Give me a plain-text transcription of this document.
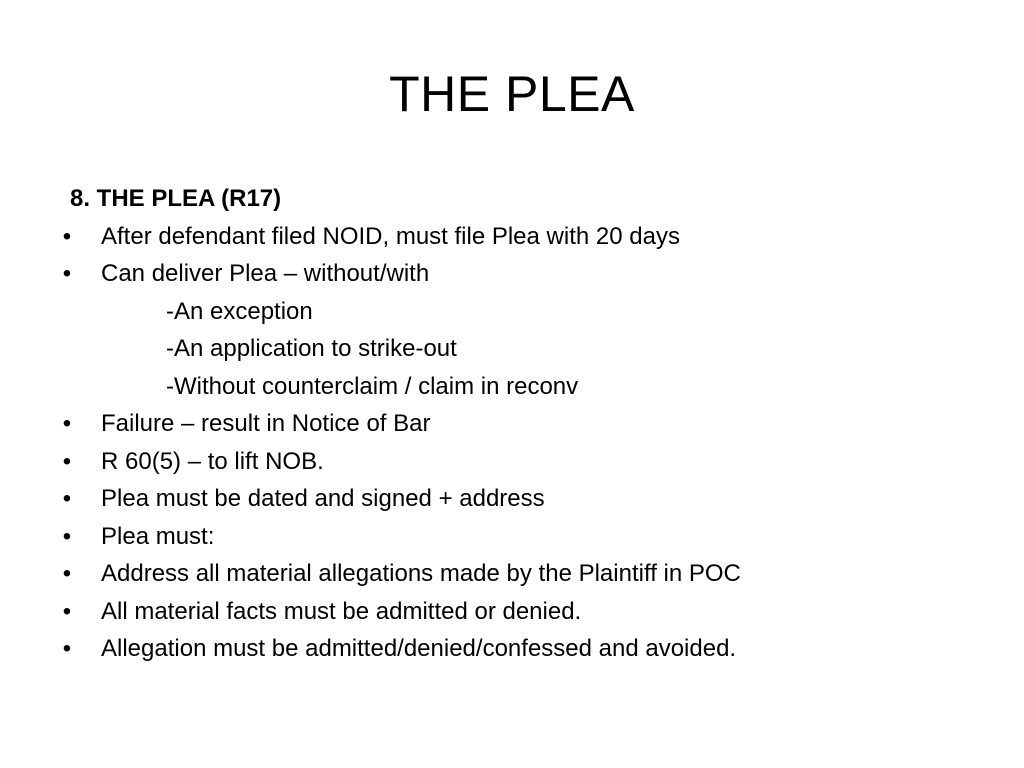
THE PLEA
8. THE PLEA (R17)
• After defendant filed NOID, must file Plea with 20 days
• Can deliver Plea – without/with
-An exception
-An application to strike-out
-Without counterclaim / claim in reconv
• Failure – result in Notice of Bar
• R 60(5) – to lift NOB.
• Plea must be dated and signed + address
• Plea must:
• Address all material allegations made by the Plaintiff in POC
• All material facts must be admitted or denied.
• Allegation must be admitted/denied/confessed and avoided.
